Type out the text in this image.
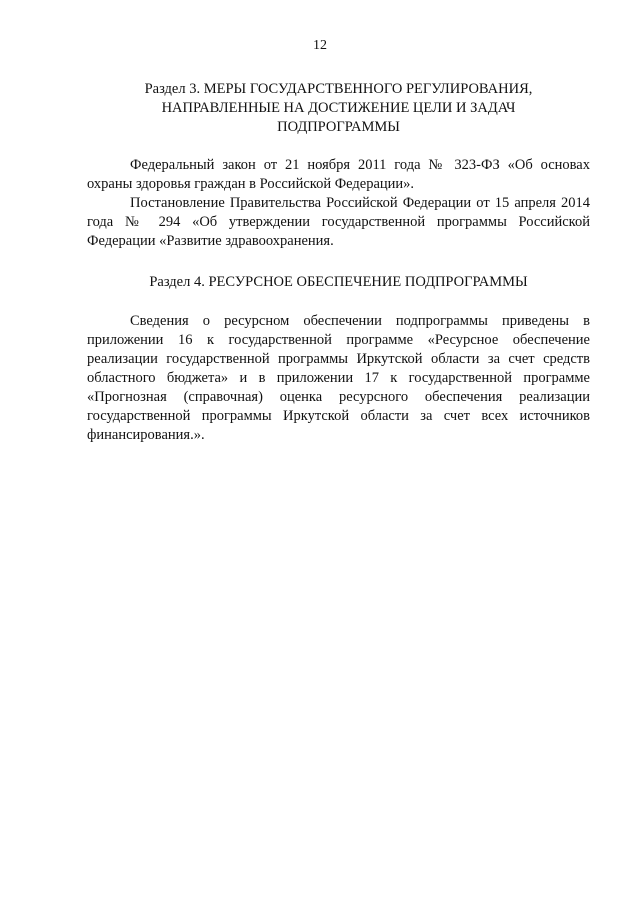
12
Раздел 3. МЕРЫ ГОСУДАРСТВЕННОГО РЕГУЛИРОВАНИЯ,
НАПРАВЛЕННЫЕ НА ДОСТИЖЕНИЕ ЦЕЛИ И ЗАДАЧ
ПОДПРОГРАММЫ

Федеральный закон от 21 ноября 2011 года № 323-ФЗ «Об основах охраны здоровья граждан в Российской Федерации».

Постановление Правительства Российской Федерации от 15 апреля 2014 года № 294 «Об утверждении государственной программы Российской Федерации «Развитие здравоохранения.

Раздел 4. РЕСУРСНОЕ ОБЕСПЕЧЕНИЕ ПОДПРОГРАММЫ

Сведения о ресурсном обеспечении подпрограммы приведены в приложении 16 к государственной программе «Ресурсное обеспечение реализации государственной программы Иркутской области за счет средств областного бюджета» и в приложении 17 к государственной программе «Прогнозная (справочная) оценка ресурсного обеспечения реализации государственной программы Иркутской области за счет всех источников финансирования.».
